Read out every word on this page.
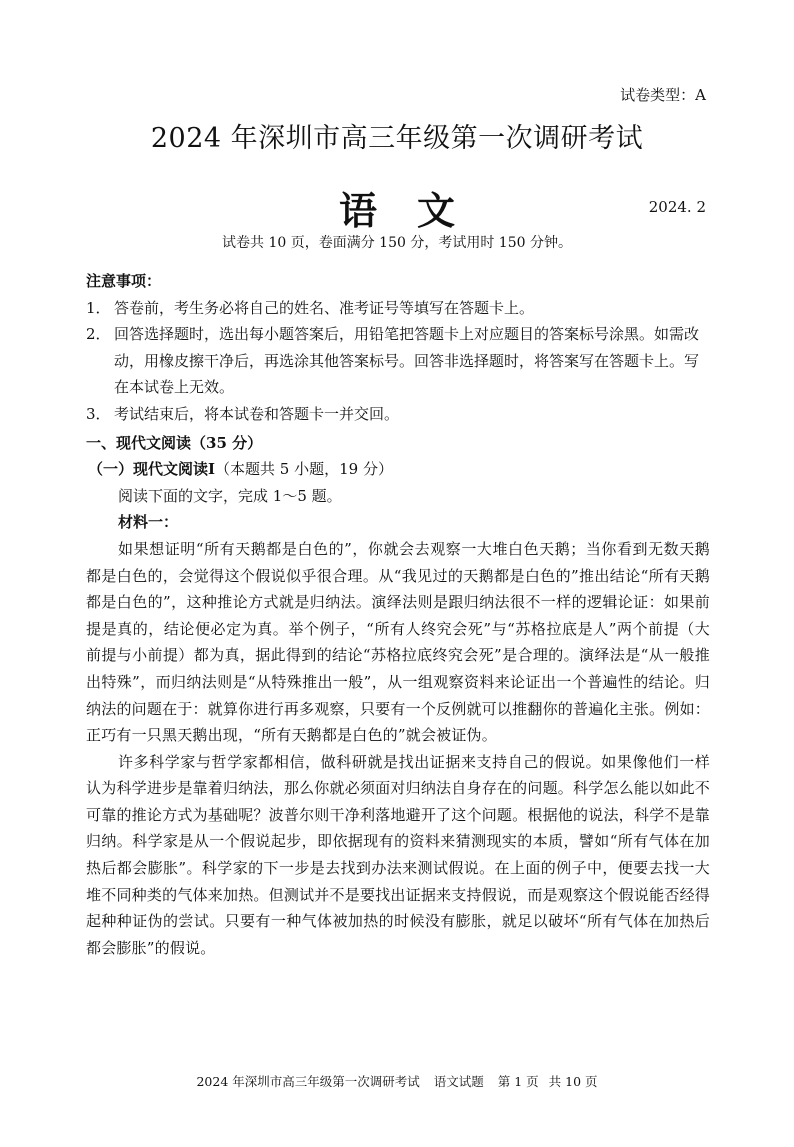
试卷类型：A
2024 年深圳市高三年级第一次调研考试
语文	2024. 2
试卷共 10 页，卷面满分 150 分，考试用时 150 分钟。
注意事项：
1． 答卷前，考生务必将自己的姓名、准考证号等填写在答题卡上。
2． 回答选择题时，选出每小题答案后，用铅笔把答题卡上对应题目的答案标号涂黑。如需改动，用橡皮擦干净后，再选涂其他答案标号。回答非选择题时，将答案写在答题卡上。写在本试卷上无效。
3． 考试结束后，将本试卷和答题卡一并交回。
一、现代文阅读（35 分）
（一）现代文阅读Ⅰ（本题共 5 小题，19 分）
阅读下面的文字，完成 1～5 题。
材料一：
如果想证明“所有天鹅都是白色的”，你就会去观察一大堆白色天鹅；当你看到无数天鹅都是白色的，会觉得这个假说似乎很合理。从“我见过的天鹅都是白色的”推出结论“所有天鹅都是白色的”，这种推论方式就是归纳法。演绎法则是跟归纳法很不一样的逻辑论证：如果前提是真的，结论便必定为真。举个例子，“所有人终究会死”与“苏格拉底是人”两个前提（大前提与小前提）都为真，据此得到的结论“苏格拉底终究会死”是合理的。演绎法是“从一般推出特殊”，而归纳法则是“从特殊推出一般”，从一组观察资料来论证出一个普遍性的结论。归纳法的问题在于：就算你进行再多观察，只要有一个反例就可以推翻你的普遍化主张。例如：正巧有一只黑天鹅出现，“所有天鹅都是白色的”就会被证伪。
许多科学家与哲学家都相信，做科研就是找出证据来支持自己的假说。如果像他们一样认为科学进步是靠着归纳法，那么你就必须面对归纳法自身存在的问题。科学怎么能以如此不可靠的推论方式为基础呢？波普尔则干净利落地避开了这个问题。根据他的说法，科学不是靠归纳。科学家是从一个假说起步，即依据现有的资料来猜测现实的本质，譬如“所有气体在加热后都会膨胀”。科学家的下一步是去找到办法来测试假说。在上面的例子中，便要去找一大堆不同种类的气体来加热。但测试并不是要找出证据来支持假说，而是观察这个假说能否经得起种种证伪的尝试。只要有一种气体被加热的时候没有膨胀，就足以破坏“所有气体在加热后都会膨胀”的假说。
2024 年深圳市高三年级第一次调研考试 语文试题 第 1 页 共 10 页
